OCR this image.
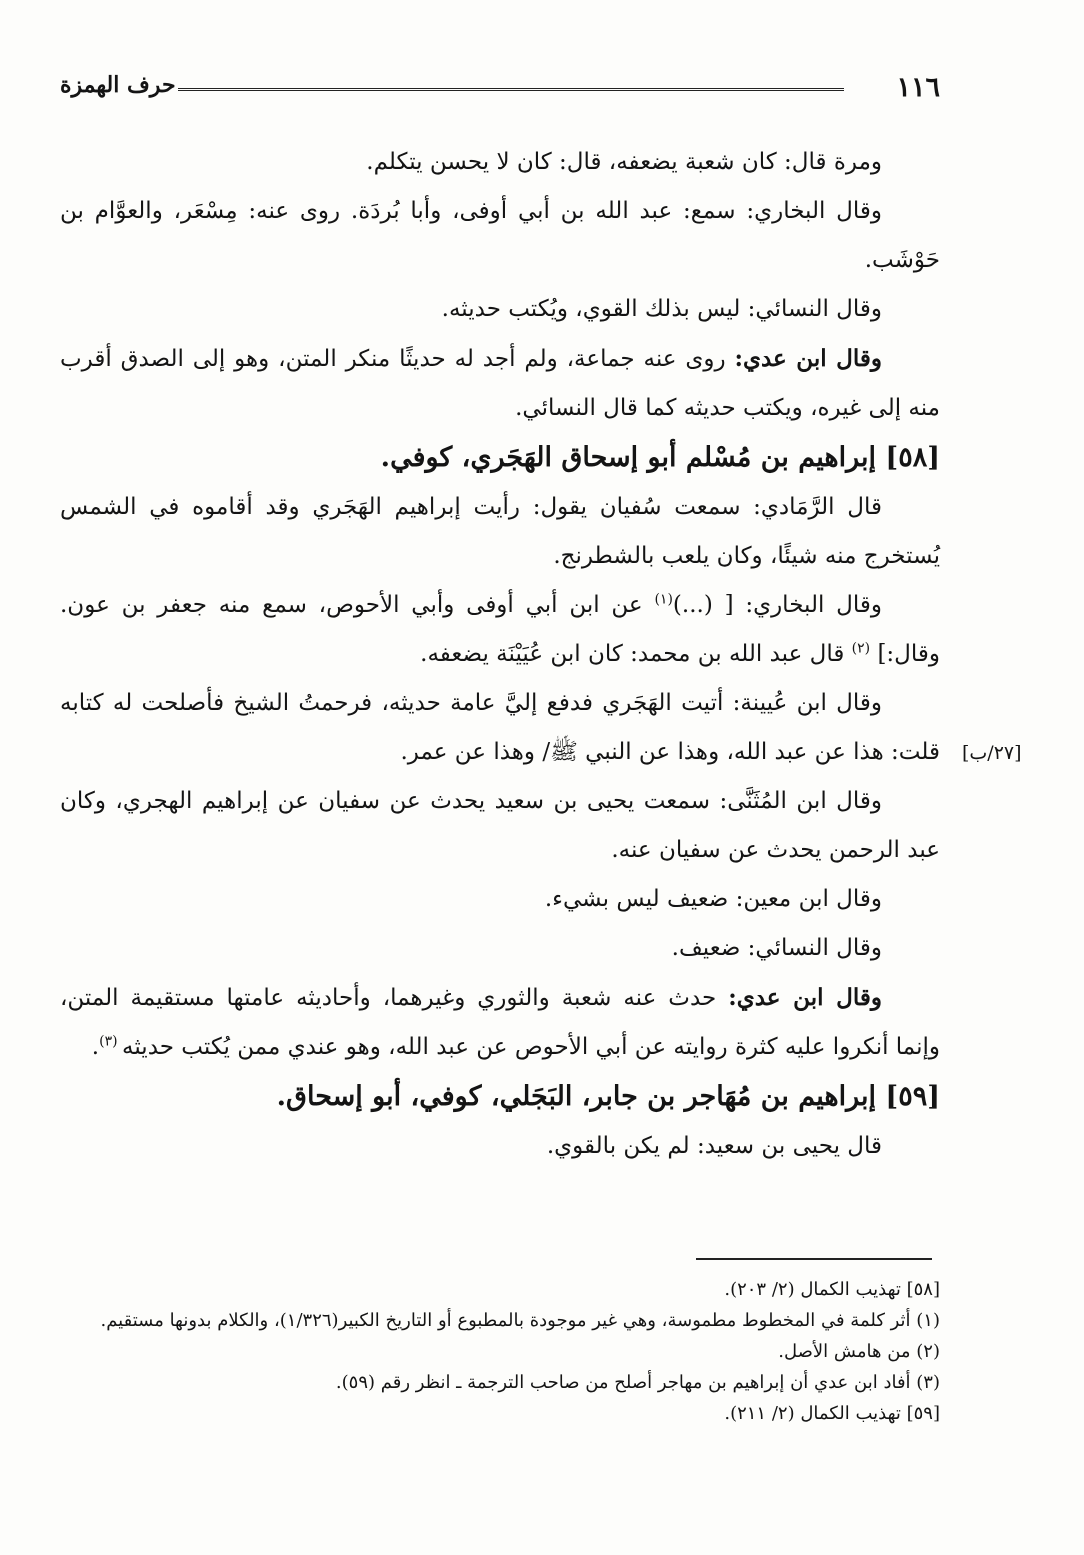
١١٦
حرف الهمزة

ومرة قال: كان شعبة يضعفه، قال: كان لا يحسن يتكلم.

وقال البخاري: سمع: عبد الله بن أبي أوفى، وأبا بُردَة. روى عنه: مِسْعَر، والعوَّام بن حَوْشَب.

وقال النسائي: ليس بذلك القوي، ويُكتب حديثه.

وقال ابن عدي: روى عنه جماعة، ولم أجد له حديثًا منكر المتن، وهو إلى الصدق أقرب منه إلى غيره، ويكتب حديثه كما قال النسائي.

[٥٨] إبراهيم بن مُسْلم أبو إسحاق الهَجَري، كوفي.

قال الرَّمَادي: سمعت سُفيان يقول: رأيت إبراهيم الهَجَري وقد أقاموه في الشمس يُستخرج منه شيئًا، وكان يلعب بالشطرنج.

وقال البخاري: [ (...)$^{(١)}$ عن ابن أبي أوفى وأبي الأحوص، سمع منه جعفر بن عون. وقال:] $^{(٢)}$ قال عبد الله بن محمد: كان ابن عُيَيْنَة يضعفه.

وقال ابن عُيينة: أتيت الهَجَري فدفع إليَّ عامة حديثه، فرحمتُ الشيخ فأصلحت له كتابه قلت: هذا عن عبد الله، وهذا عن النبي ﷺ/ وهذا عن عمر.

وقال ابن المُثَنَّى: سمعت يحيى بن سعيد يحدث عن سفيان عن إبراهيم الهجري، وكان عبد الرحمن يحدث عن سفيان عنه.

وقال ابن معين: ضعيف ليس بشيء.

وقال النسائي: ضعيف.

وقال ابن عدي: حدث عنه شعبة والثوري وغيرهما، وأحاديثه عامتها مستقيمة المتن، وإنما أنكروا عليه كثرة روايته عن أبي الأحوص عن عبد الله، وهو عندي ممن يُكتب حديثه $^{(٣)}$.

[٥٩] إبراهيم بن مُهَاجر بن جابر، البَجَلي، كوفي، أبو إسحاق.

قال يحيى بن سعيد: لم يكن بالقوي.

[٢٧/ب]

[٥٨] تهذيب الكمال (٢/ ٢٠٣).

(١) أثر كلمة في المخطوط مطموسة، وهي غير موجودة بالمطبوع أو التاريخ الكبير(١/٣٢٦)، والكلام بدونها مستقيم.

(٢) من هامش الأصل.

(٣) أفاد ابن عدي أن إبراهيم بن مهاجر أصلح من صاحب الترجمة ـ انظر رقم (٥٩).

[٥٩] تهذيب الكمال (٢/ ٢١١).
